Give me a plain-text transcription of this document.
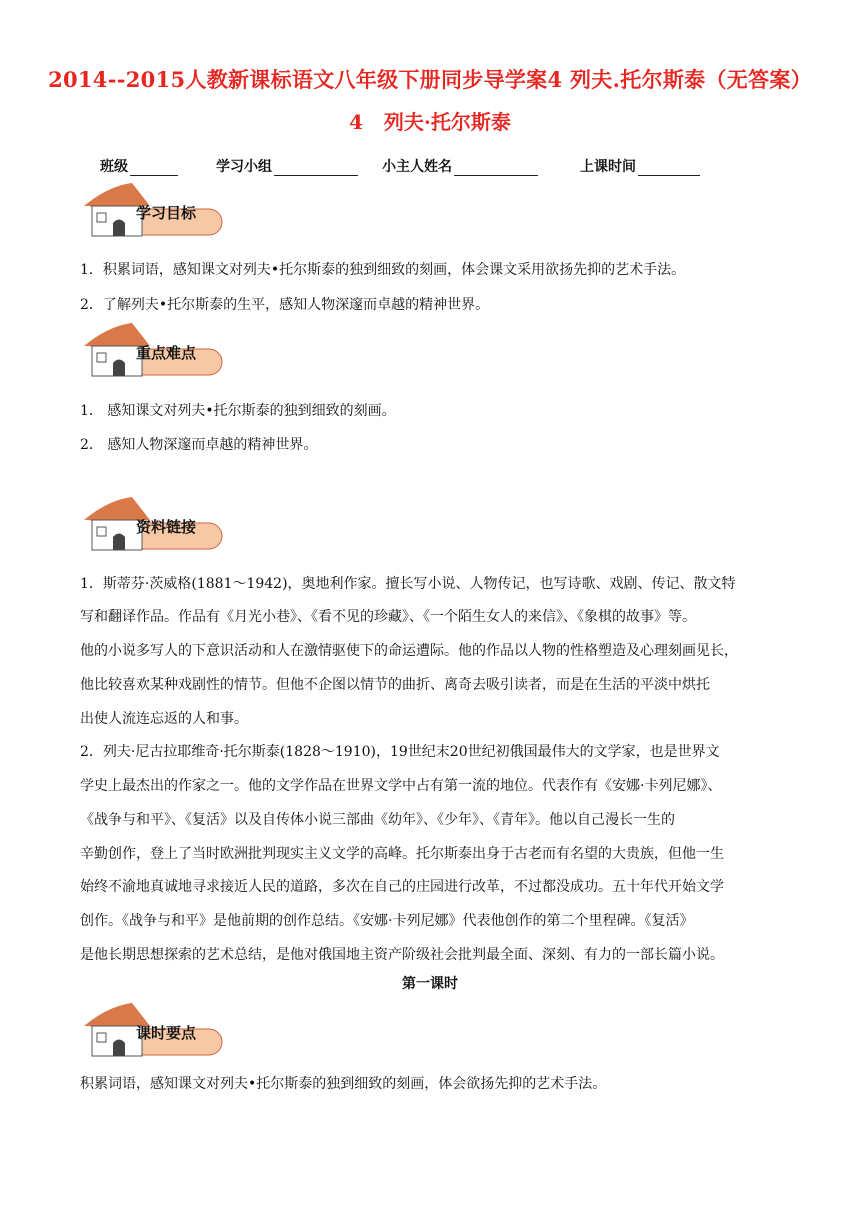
2014--2015人教新课标语文八年级下册同步导学案4 列夫.托尔斯泰（无答案）
4   列夫·托尔斯泰
班级	学习小组	小主人姓名	上课时间
学习目标
1．积累词语，感知课文对列夫•托尔斯泰的独到细致的刻画，体会课文采用欲扬先抑的艺术手法。
2．了解列夫•托尔斯泰的生平，感知人物深邃而卓越的精神世界。
重点难点
1． 感知课文对列夫•托尔斯泰的独到细致的刻画。
2． 感知人物深邃而卓越的精神世界。
资料链接
1．斯蒂芬·茨威格(1881～1942)，奥地利作家。擅长写小说、人物传记，也写诗歌、戏剧、传记、散文特
写和翻译作品。作品有《月光小巷》、《看不见的珍藏》、《一个陌生女人的来信》、《象棋的故事》等。
他的小说多写人的下意识活动和人在激情驱使下的命运遭际。他的作品以人物的性格塑造及心理刻画见长，
他比较喜欢某种戏剧性的情节。但他不企图以情节的曲折、离奇去吸引读者，而是在生活的平淡中烘托
出使人流连忘返的人和事。
2．列夫·尼古拉耶维奇·托尔斯泰(1828～1910)，19世纪末20世纪初俄国最伟大的文学家，也是世界文
学史上最杰出的作家之一。他的文学作品在世界文学中占有第一流的地位。代表作有《安娜·卡列尼娜》、
《战争与和平》、《复活》以及自传体小说三部曲《幼年》、《少年》、《青年》。他以自己漫长一生的
辛勤创作，登上了当时欧洲批判现实主义文学的高峰。托尔斯泰出身于古老而有名望的大贵族，但他一生
始终不渝地真诚地寻求接近人民的道路，多次在自己的庄园进行改革，不过都没成功。五十年代开始文学
创作。《战争与和平》是他前期的创作总结。《安娜·卡列尼娜》代表他创作的第二个里程碑。《复活》
是他长期思想探索的艺术总结，是他对俄国地主资产阶级社会批判最全面、深刻、有力的一部长篇小说。
第一课时
课时要点
积累词语，感知课文对列夫•托尔斯泰的独到细致的刻画，体会欲扬先抑的艺术手法。
